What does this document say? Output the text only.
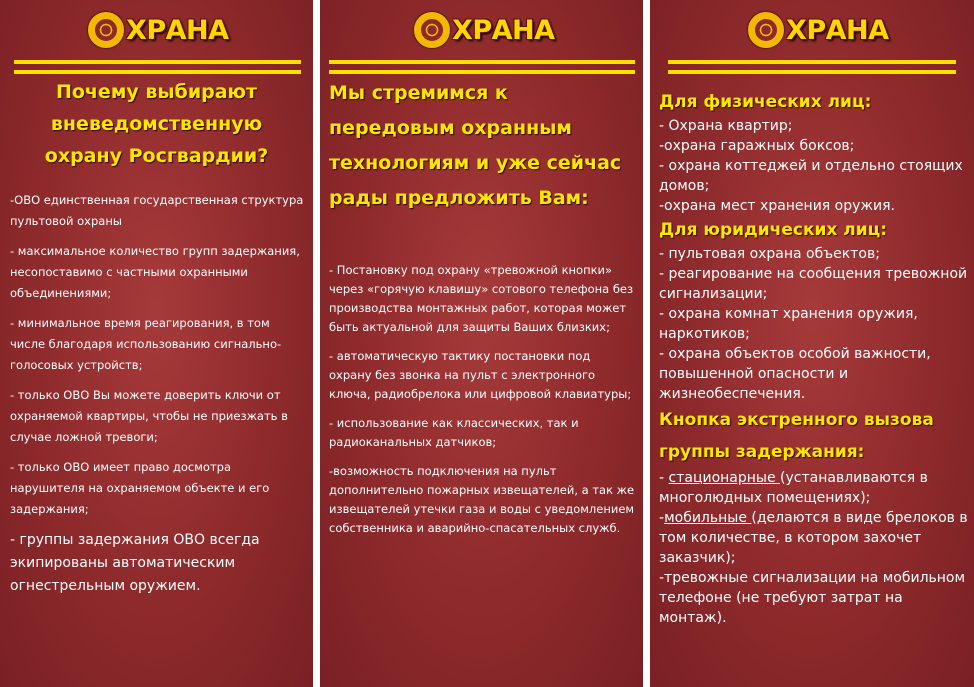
ХРАНА
Почему выбирают вневедомственную охрану Росгвардии?
-ОВО единственная государственная структура пультовой охраны
- максимальное количество групп задержания, несопоставимо с частными охранными объединениями;
- минимальное время реагирования, в том числе благодаря использованию сигнально-голосовых устройств;
- только ОВО Вы можете доверить ключи от охраняемой квартиры, чтобы не приезжать в случае ложной тревоги;
- только ОВО имеет право досмотра нарушителя на охраняемом объекте и его задержания;
- группы задержания ОВО всегда экипированы автоматическим огнестрельным оружием.
ХРАНА
Мы стремимся к передовым охранным технологиям и уже сейчас рады предложить Вам:
- Постановку под охрану «тревожной кнопки» через «горячую клавишу» сотового телефона без производства монтажных работ, которая может быть актуальной для защиты Ваших близких;
- автоматическую тактику постановки под охрану без звонка на пульт с электронного ключа, радиобрелока или цифровой клавиатуры;
- использование как классических, так и радиоканальных датчиков;
-возможность подключения на пульт дополнительно пожарных извещателей, а так же извещателей утечки газа и воды с уведомлением собственника и аварийно-спасательных служб.
ХРАНА
Для физических лиц:
- Охрана квартир;
-охрана гаражных боксов;
- охрана коттеджей и отдельно стоящих домов;
-охрана мест хранения оружия.
Для юридических лиц:
- пультовая охрана объектов;
- реагирование на сообщения тревожной сигнализации;
- охрана комнат хранения оружия, наркотиков;
- охрана объектов особой важности, повышенной опасности и жизнеобеспечения.
Кнопка экстренного вызова группы задержания:
- стационарные (устанавливаются в многолюдных помещениях);
-мобильные (делаются в виде брелоков в том количестве, в котором захочет заказчик);
-тревожные сигнализации на мобильном телефоне (не требуют затрат на монтаж).
